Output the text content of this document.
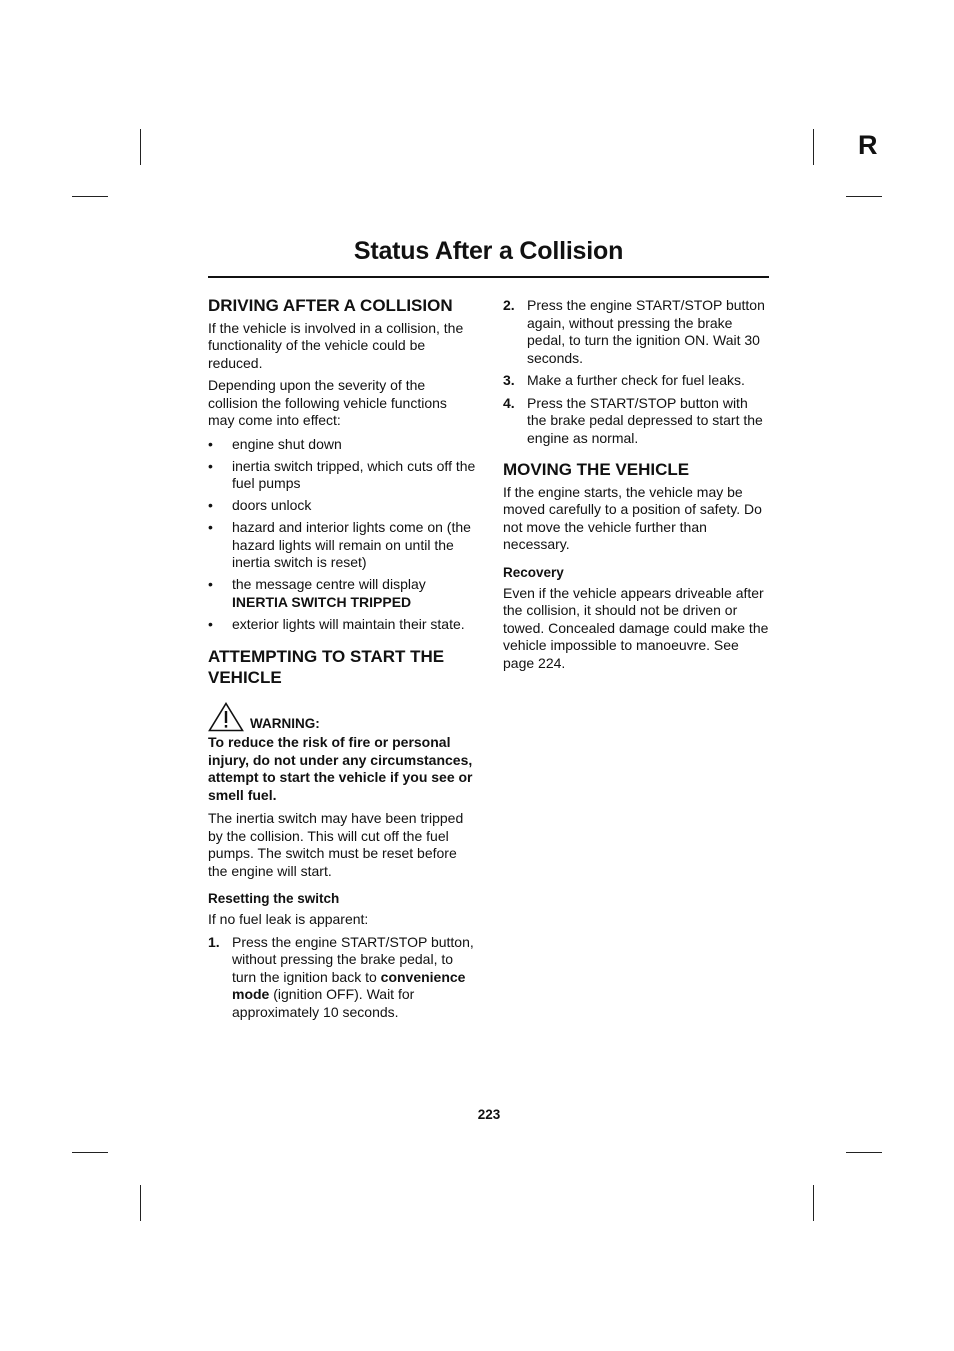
R
Status After a Collision
DRIVING AFTER A COLLISION

If the vehicle is involved in a collision, the functionality of the vehicle could be reduced.

Depending upon the severity of the collision the following vehicle functions may come into effect:

• engine shut down
• inertia switch tripped, which cuts off the fuel pumps
• doors unlock
• hazard and interior lights come on (the hazard lights will remain on until the inertia switch is reset)
• the message centre will display
INERTIA SWITCH TRIPPED
• exterior lights will maintain their state.
ATTEMPTING TO START THE VEHICLE
WARNING:

To reduce the risk of fire or personal injury, do not under any circumstances, attempt to start the vehicle if you see or smell fuel.

The inertia switch may have been tripped by the collision. This will cut off the fuel pumps. The switch must be reset before the engine will start.

Resetting the switch

If no fuel leak is apparent:

1. Press the engine START/STOP button, without pressing the brake pedal, to turn the ignition back to convenience mode (ignition OFF). Wait for approximately 10 seconds.
2. Press the engine START/STOP button again, without pressing the brake pedal, to turn the ignition ON. Wait 30 seconds.
3. Make a further check for fuel leaks.
4. Press the START/STOP button with the brake pedal depressed to start the engine as normal.
MOVING THE VEHICLE

If the engine starts, the vehicle may be moved carefully to a position of safety. Do not move the vehicle further than necessary.

Recovery

Even if the vehicle appears driveable after the collision, it should not be driven or towed. Concealed damage could make the vehicle impossible to manoeuvre. See page 224.

223
